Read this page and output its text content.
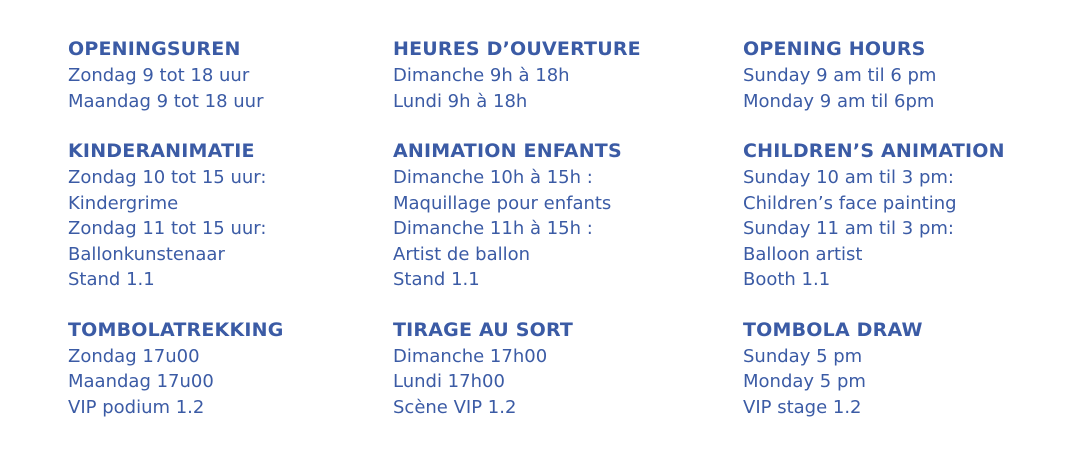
OPENINGSUREN
Zondag 9 tot 18 uur
Maandag 9 tot 18 uur
KINDERANIMATIE
Zondag 10 tot 15 uur:
Kindergrime
Zondag 11 tot 15 uur:
Ballonkunstenaar
Stand 1.1
TOMBOLATREKKING
Zondag 17u00
Maandag 17u00
VIP podium 1.2
HEURES D’OUVERTURE
Dimanche 9h à 18h
Lundi 9h à 18h
ANIMATION ENFANTS
Dimanche 10h à 15h :
Maquillage pour enfants
Dimanche 11h à 15h :
Artist de ballon
Stand 1.1
TIRAGE AU SORT
Dimanche 17h00
Lundi 17h00
Scène VIP 1.2
OPENING HOURS
Sunday 9 am til 6 pm
Monday 9 am til 6pm
CHILDREN’S ANIMATION
Sunday 10 am til 3 pm:
Children’s face painting
Sunday 11 am til 3 pm:
Balloon artist
Booth 1.1
TOMBOLA DRAW
Sunday 5 pm
Monday 5 pm
VIP stage 1.2
